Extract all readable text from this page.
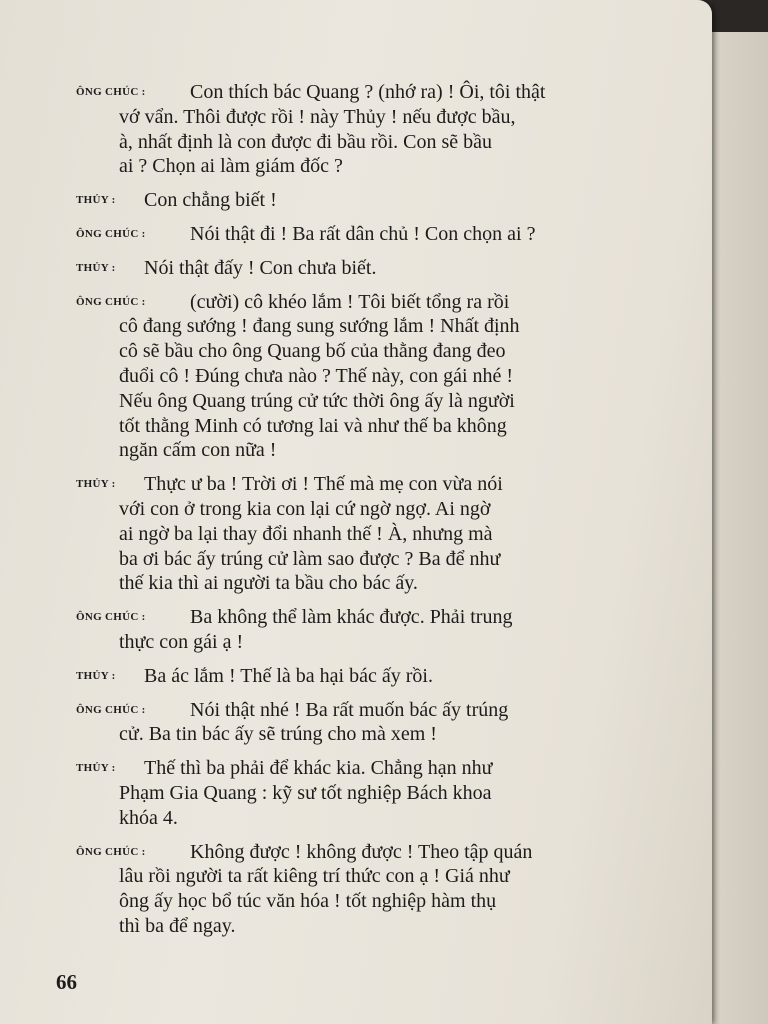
ÔNG CHÚC :	Con thích bác Quang ? (nhớ ra) ! Ôi, tôi thật
vớ vẩn. Thôi được rồi ! này Thủy ! nếu được bầu,
à, nhất định là con được đi bầu rồi. Con sẽ bầu
ai ? Chọn ai làm giám đốc ?
THỦY :	Con chẳng biết !
ÔNG CHÚC :	Nói thật đi ! Ba rất dân chủ ! Con chọn ai ?
THỦY :	Nói thật đấy ! Con chưa biết.
ÔNG CHÚC :	(cười) cô khéo lắm ! Tôi biết tổng ra rồi
cô đang sướng ! đang sung sướng lắm ! Nhất định
cô sẽ bầu cho ông Quang bố của thằng đang đeo
đuổi cô ! Đúng chưa nào ? Thế này, con gái nhé !
Nếu ông Quang trúng cử tức thời ông ấy là người
tốt thằng Minh có tương lai và như thế ba không
ngăn cấm con nữa !
THỦY :	Thực ư ba ! Trời ơi ! Thế mà mẹ con vừa nói
với con ở trong kia con lại cứ ngờ ngợ. Ai ngờ
ai ngờ ba lại thay đổi nhanh thế ! À, nhưng mà
ba ơi bác ấy trúng cử làm sao được ? Ba để như
thế kia thì ai người ta bầu cho bác ấy.
ÔNG CHÚC :	Ba không thể làm khác được. Phải trung
thực con gái ạ !
THỦY :	Ba ác lắm ! Thế là ba hại bác ấy rồi.
ÔNG CHÚC :	Nói thật nhé ! Ba rất muốn bác ấy trúng
cử. Ba tin bác ấy sẽ trúng cho mà xem !
THỦY :	Thế thì ba phải để khác kia. Chẳng hạn như
Phạm Gia Quang : kỹ sư tốt nghiệp Bách khoa
khóa 4.
ÔNG CHÚC :	Không được ! không được ! Theo tập quán
lâu rồi người ta rất kiêng trí thức con ạ ! Giá như
ông ấy học bổ túc văn hóa ! tốt nghiệp hàm thụ
thì ba để ngay.
66
